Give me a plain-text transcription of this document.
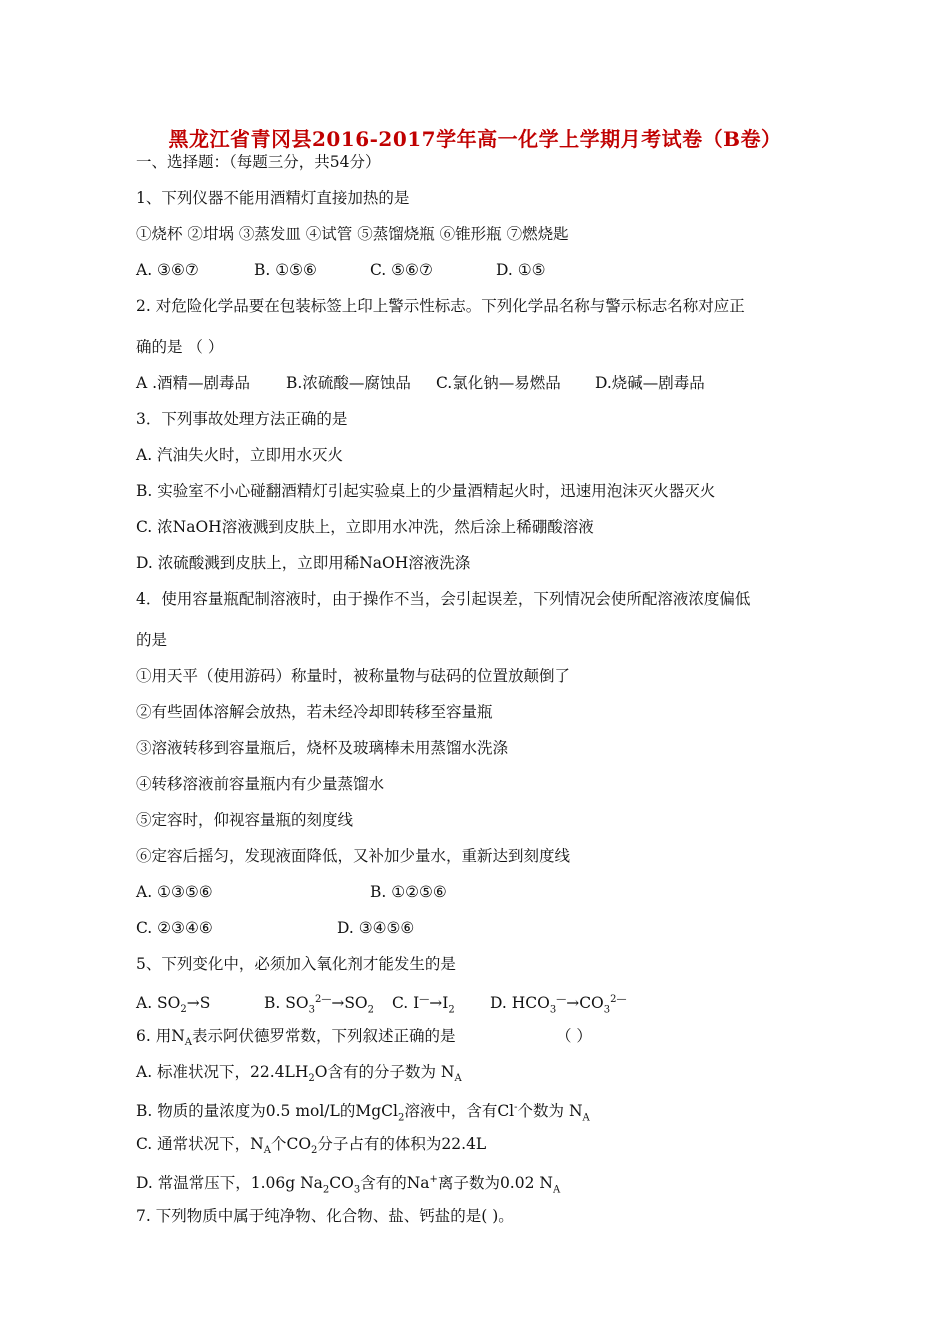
黑龙江省青冈县2016-2017学年高一化学上学期月考试卷（B卷）
一、选择题：（每题三分，共54分）
1、下列仪器不能用酒精灯直接加热的是
①烧杯 ②坩埚 ③蒸发皿 ④试管 ⑤蒸馏烧瓶 ⑥锥形瓶 ⑦燃烧匙
A. ③⑥⑦	B. ①⑤⑥	C. ⑤⑥⑦	D. ①⑤
2. 对危险化学品要在包装标签上印上警示性标志。下列化学品名称与警示标志名称对应正
确的是 （ ）
A .酒精—剧毒品 B.浓硫酸—腐蚀品 C.氯化钠—易燃品 D.烧碱—剧毒品
3．下列事故处理方法正确的是
A. 汽油失火时，立即用水灭火
B. 实验室不小心碰翻酒精灯引起实验桌上的少量酒精起火时，迅速用泡沫灭火器灭火
C. 浓NaOH溶液溅到皮肤上，立即用水冲洗，然后涂上稀硼酸溶液
D. 浓硫酸溅到皮肤上，立即用稀NaOH溶液洗涤
4．使用容量瓶配制溶液时，由于操作不当，会引起误差，下列情况会使所配溶液浓度偏低
的是
①用天平（使用游码）称量时，被称量物与砝码的位置放颠倒了
②有些固体溶解会放热，若未经冷却即转移至容量瓶
③溶液转移到容量瓶后，烧杯及玻璃棒未用蒸馏水洗涤
④转移溶液前容量瓶内有少量蒸馏水
⑤定容时，仰视容量瓶的刻度线
⑥定容后摇匀，发现液面降低，又补加少量水，重新达到刻度线
A. ①③⑤⑥	B. ①②⑤⑥
C. ②③④⑥	D. ③④⑤⑥
5、下列变化中，必须加入氧化剂才能发生的是
A. $SO_2\to S$	B. $SO_3^{2—}\to SO_2$ C. $I^—\to I_2$ D. $HCO_3^—\to CO_3^{2—}$
6. 用$N_A$表示阿伏德罗常数，下列叙述正确的是	（ ）
A. 标准状况下，$22.4LH_2O$含有的分子数为 $N_A$
B. 物质的量浓度为0.5 mol/L的MgCl$_2$溶液中，含有Cl-个数为 $N_A$
C. 通常状况下，$N_A$个$CO_2$分子占有的体积为22.4L
D. 常温常压下，1.06g $Na_2CO_3$含有的Na+离子数为0.02 $N_A$
7. 下列物质中属于纯净物、化合物、盐、钙盐的是( )。
